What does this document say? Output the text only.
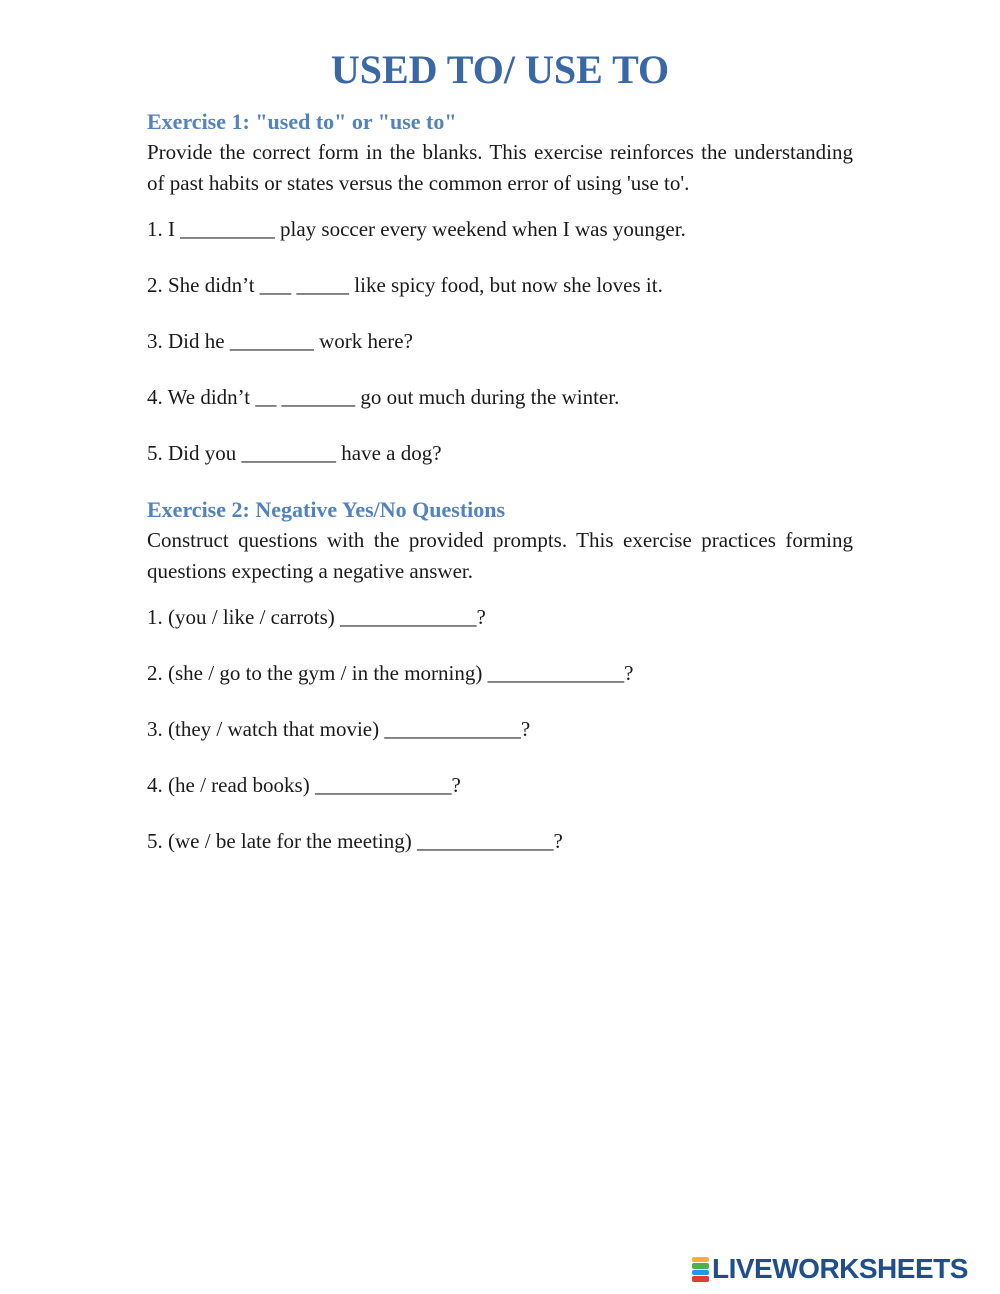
USED TO/ USE TO
Exercise 1: "used to" or "use to"

Provide the correct form in the blanks. This exercise reinforces the understanding of past habits or states versus the common error of using 'use to'.

1. I _________ play soccer every weekend when I was younger.

2. She didn’t ___ _____ like spicy food, but now she loves it.

3. Did he ________ work here?

4. We didn’t __ _______ go out much during the winter.

5. Did you _________ have a dog?

Exercise 2: Negative Yes/No Questions

Construct questions with the provided prompts. This exercise practices forming questions expecting a negative answer.

1. (you / like / carrots) _____________?

2. (she / go to the gym / in the morning) _____________?

3. (they / watch that movie) _____________?

4. (he / read books) _____________?

5. (we / be late for the meeting) _____________?

LIVEWORKSHEETS
